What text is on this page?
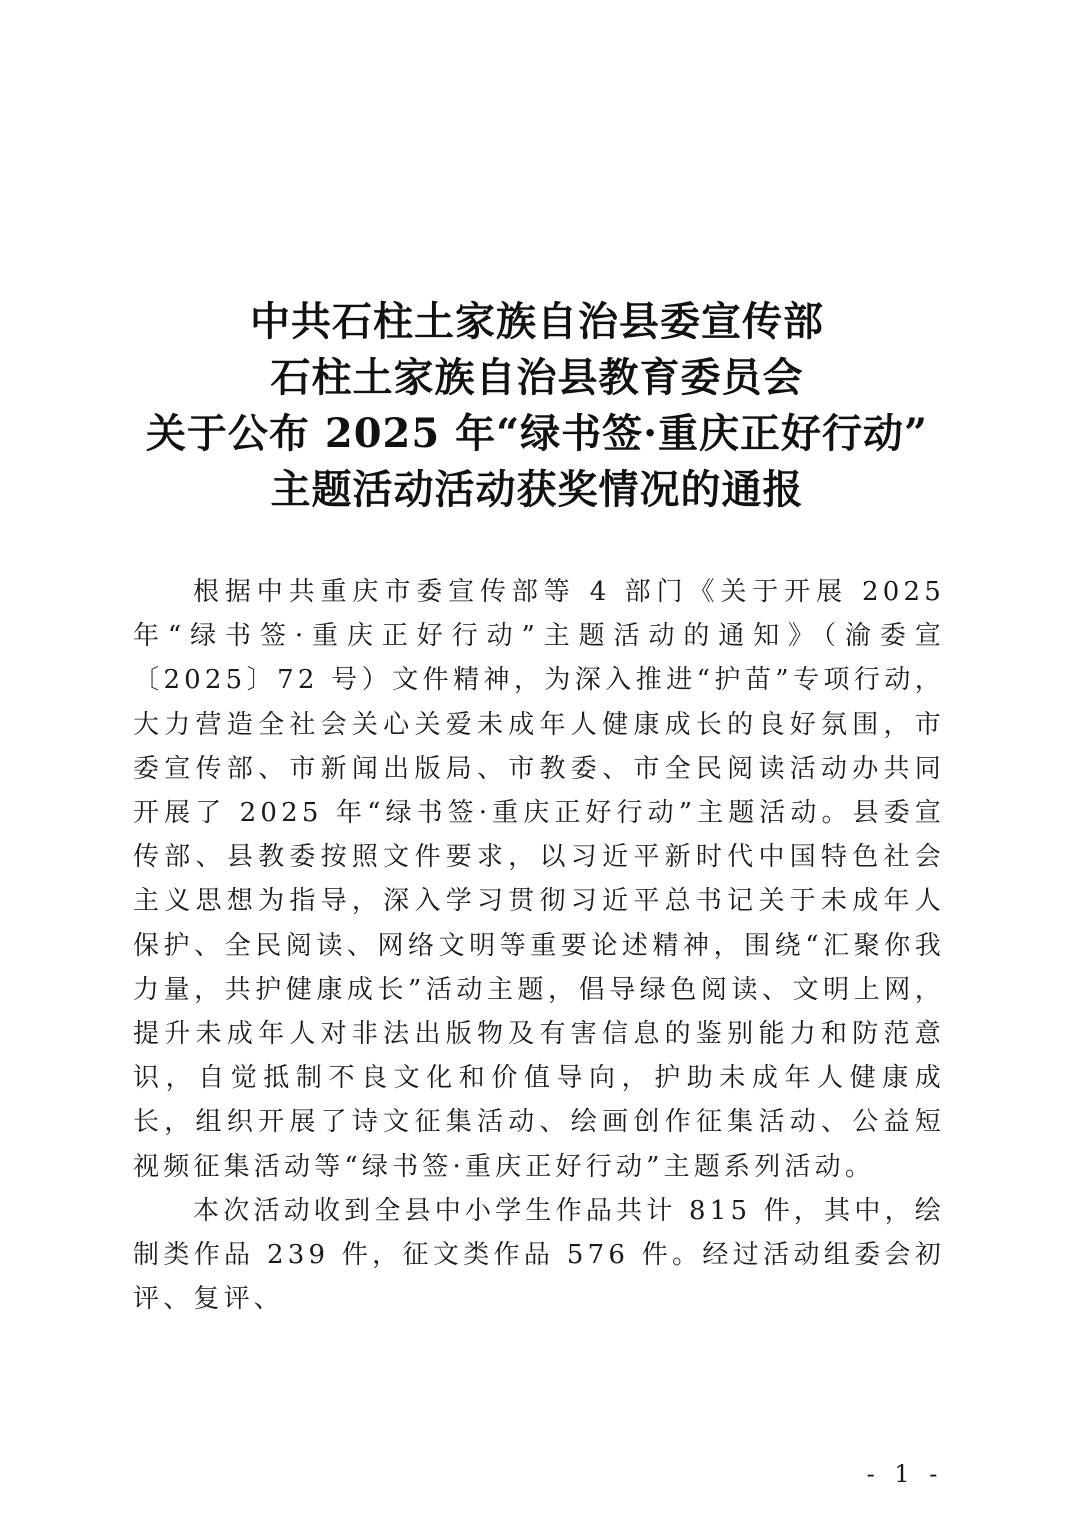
中共石柱土家族自治县委宣传部
石柱土家族自治县教育委员会
关于公布 2025 年“绿书签·重庆正好行动”
主题活动活动获奖情况的通报

根据中共重庆市委宣传部等 4 部门《关于开展 2025 年“绿书签·重庆正好行动”主题活动的通知》（渝委宣〔2025〕72 号）文件精神，为深入推进“护苗”专项行动，大力营造全社会关心关爱未成年人健康成长的良好氛围，市委宣传部、市新闻出版局、市教委、市全民阅读活动办共同开展了 2025 年“绿书签·重庆正好行动”主题活动。县委宣传部、县教委按照文件要求，以习近平新时代中国特色社会主义思想为指导，深入学习贯彻习近平总书记关于未成年人保护、全民阅读、网络文明等重要论述精神，围绕“汇聚你我力量，共护健康成长”活动主题，倡导绿色阅读、文明上网，提升未成年人对非法出版物及有害信息的鉴别能力和防范意识，自觉抵制不良文化和价值导向，护助未成年人健康成长，组织开展了诗文征集活动、绘画创作征集活动、公益短视频征集活动等“绿书签·重庆正好行动”主题系列活动。

本次活动收到全县中小学生作品共计 815 件，其中，绘制类作品 239 件，征文类作品 576 件。经过活动组委会初评、复评、

- 1 -
